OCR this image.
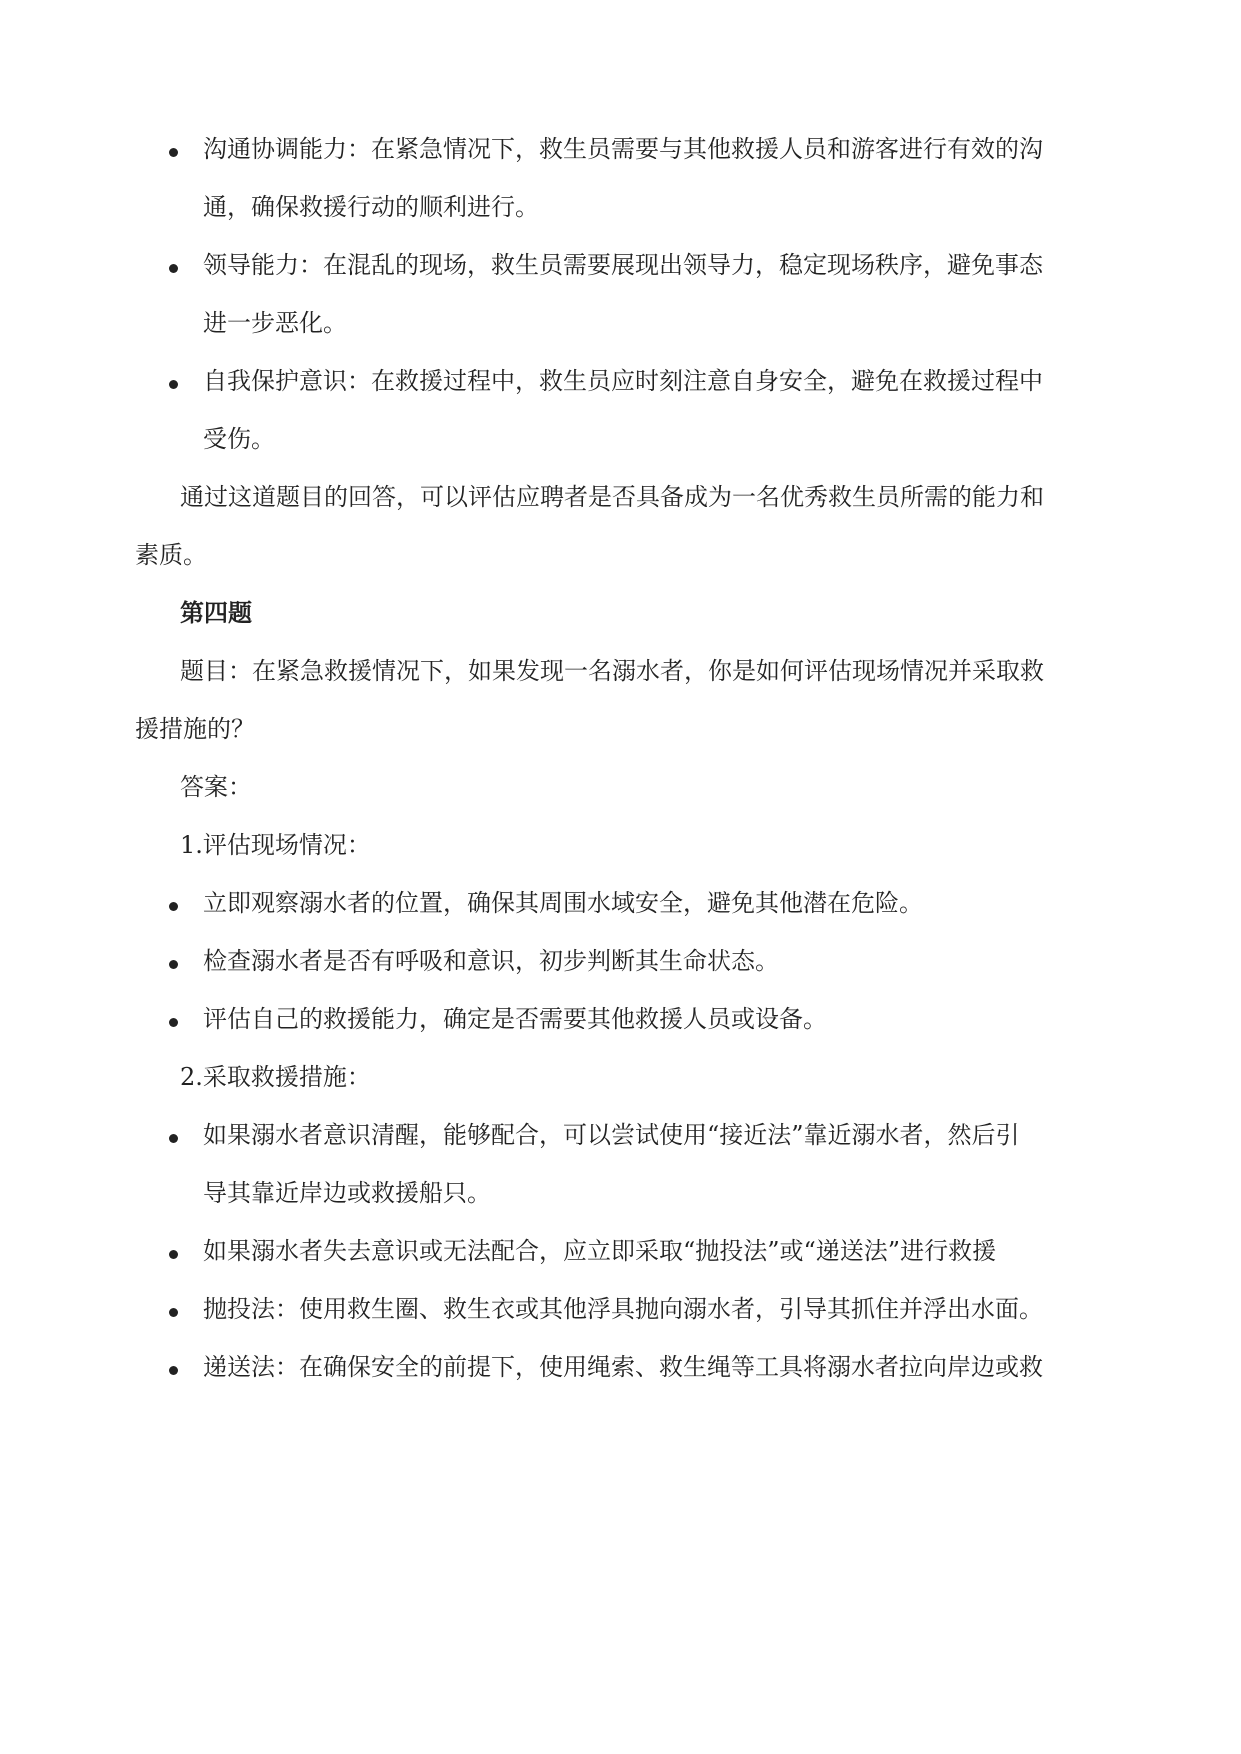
沟通协调能力：在紧急情况下，救生员需要与其他救援人员和游客进行有效的沟
通，确保救援行动的顺利进行。
领导能力：在混乱的现场，救生员需要展现出领导力，稳定现场秩序，避免事态
进一步恶化。
自我保护意识：在救援过程中，救生员应时刻注意自身安全，避免在救援过程中
受伤。
通过这道题目的回答，可以评估应聘者是否具备成为一名优秀救生员所需的能力和
素质。
第四题
题目：在紧急救援情况下，如果发现一名溺水者，你是如何评估现场情况并采取救
援措施的？
答案：
1.评估现场情况：
立即观察溺水者的位置，确保其周围水域安全，避免其他潜在危险。
检查溺水者是否有呼吸和意识，初步判断其生命状态。
评估自己的救援能力，确定是否需要其他救援人员或设备。
2.采取救援措施：
如果溺水者意识清醒，能够配合，可以尝试使用“接近法”靠近溺水者，然后引
导其靠近岸边或救援船只。
如果溺水者失去意识或无法配合，应立即采取“抛投法”或“递送法”进行救援
抛投法：使用救生圈、救生衣或其他浮具抛向溺水者，引导其抓住并浮出水面。
递送法：在确保安全的前提下，使用绳索、救生绳等工具将溺水者拉向岸边或救
